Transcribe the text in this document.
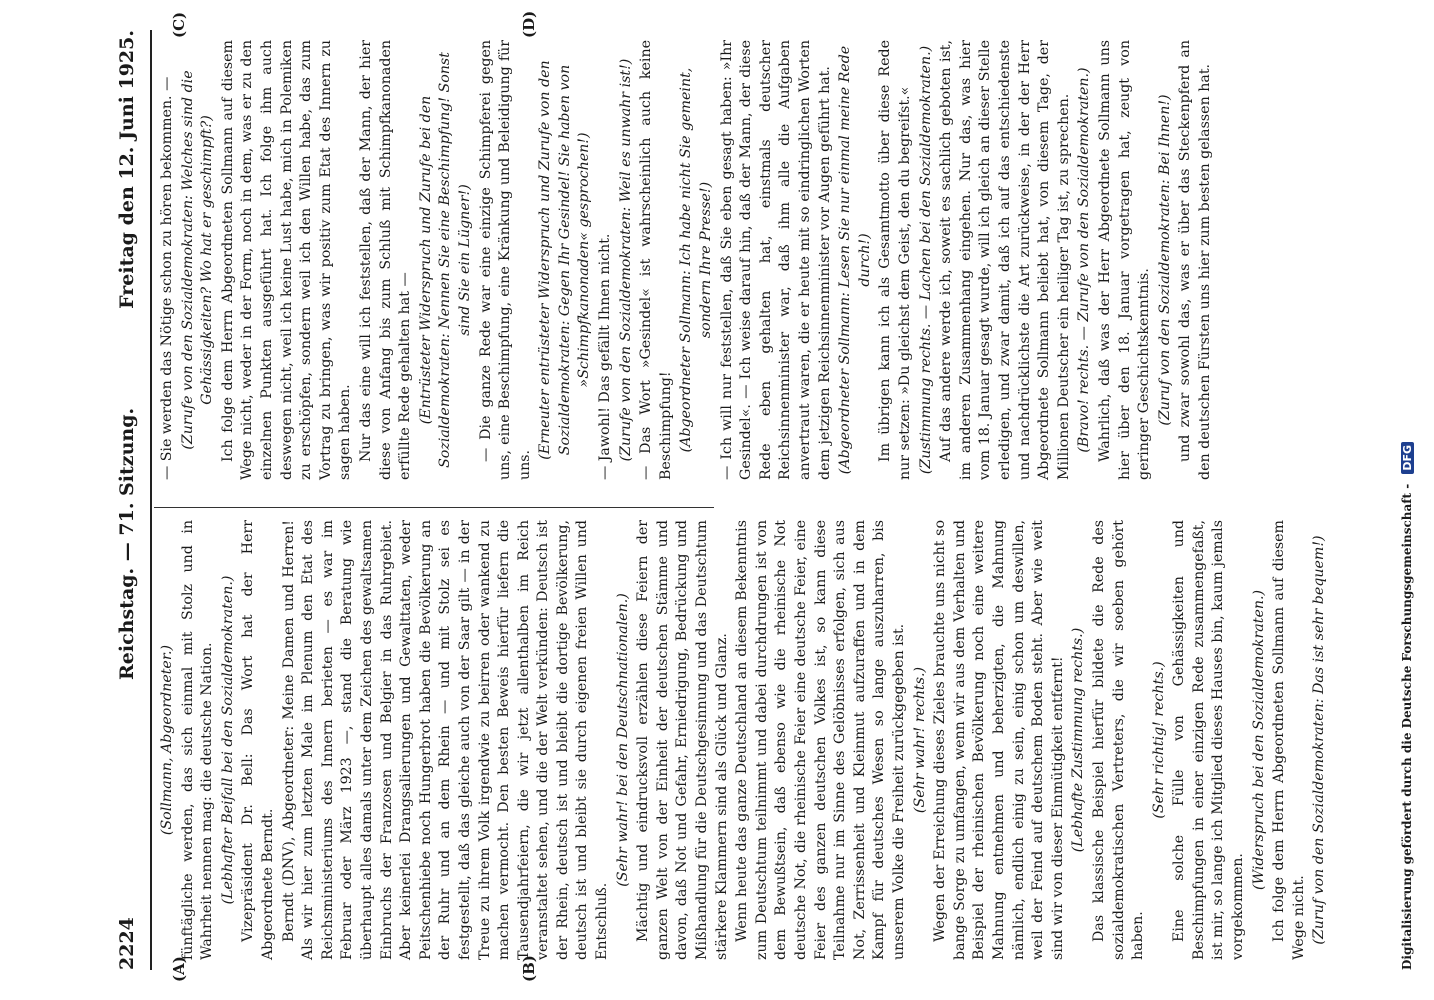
2224
Reichstag. — 71. Sitzung.
Freitag den 12. Juni 1925.
(A)	(B)
(C)	(D)

(Sollmann, Abgeordneter.) fünftägliche werden, das sich einmal mit Stolz und in Wahrheit nennen mag: die deutsche Nation. (Lebhafter Beifall bei den Sozialdemokraten.) Vizepräsident Dr. Bell: Das Wort hat der Herr Abgeordnete Berndt. Berndt (DNV), Abgeordneter: Meine Damen und Herren! Als wir hier zum letzten Male im Plenum den Etat des Reichsministeriums des Innern berieten — es war im Februar oder März 1923 —, stand die Beratung wie überhaupt alles damals unter dem Zeichen des gewaltsamen Einbruchs der Franzosen und Belgier in das Ruhrgebiet. Aber keinerlei Drangsalierungen und Gewalttaten, weder Peitschenhiebe noch Hungerbrot haben die Bevölkerung an der Ruhr und an dem Rhein — und mit Stolz sei es festgestellt, daß das gleiche auch von der Saar gilt — in der Treue zu ihrem Volk irgendwie zu beirren oder wankend zu machen vermocht. Den besten Beweis hierfür liefern die Tausendjahrfeiern, die wir jetzt allenthalben im Reich veranstaltet sehen, und die der Welt verkünden: Deutsch ist der Rhein, deutsch ist und bleibt die dortige Bevölkerung, deutsch ist und bleibt sie durch eigenen freien Willen und Entschluß.

(Sehr wahr! bei den Deutschnationalen.) Mächtig und eindrucksvoll erzählen diese Feiern der ganzen Welt von der Einheit der deutschen Stämme und davon, daß Not und Gefahr, Erniedrigung, Bedrückung und Mißhandlung für die Deutschgesinnung und das Deutschtum stärkere Klammern sind als Glück und Glanz. Wenn heute das ganze Deutschland an diesem Bekenntnis zum Deutschtum teilnimmt und dabei durchdrungen ist von dem Bewußtsein, daß ebenso wie die rheinische Not deutsche Not, die rheinische Feier eine deutsche Feier, eine Feier des ganzen deutschen Volkes ist, so kann diese Teilnahme nur im Sinne des Gelöbnisses erfolgen, sich aus Not, Zerrissenheit und Kleinmut aufzuraffen und in dem Kampf für deutsches Wesen so lange auszuharren, bis unserem Volke die Freiheit zurückgegeben ist. (Sehr wahr! rechts.) Wegen der Erreichung dieses Zieles brauchte uns nicht so bange Sorge zu umfangen, wenn wir aus dem Verhalten und Beispiel der rheinischen Bevölkerung noch eine weitere Mahnung entnehmen und beherzigten, die Mahnung nämlich, endlich einig zu sein, einig schon um deswillen, weil der Feind auf deutschem Boden steht. Aber wie weit sind wir von dieser Einmütigkeit entfernt! (Lebhafte Zustimmung rechts.) Das klassische Beispiel hierfür bildete die Rede des sozialdemokratischen Vertreters, die wir soeben gehört haben.

(Sehr richtig! rechts.) Eine solche Fülle von Gehässigkeiten und Beschimpfungen in einer einzigen Rede zusammengefaßt, ist mir, so lange ich Mitglied dieses Hauses bin, kaum jemals vorgekommen.

(Widerspruch bei den Sozialdemokraten.) Ich folge dem Herrn Abgeordneten Sollmann auf diesem Wege nicht. (Zuruf von den Sozialdemokraten: Das ist sehr bequem!)

— Sie werden das Nötige schon zu hören bekommen. — (Zurufe von den Sozialdemokraten: Welches sind die Gehässigkeiten? Wo hat er geschimpft?) Ich folge dem Herrn Abgeordneten Sollmann auf diesem Wege nicht, weder in der Form, noch in dem, was er zu den einzelnen Punkten ausgeführt hat. Ich folge ihm auch deswegen nicht, weil ich keine Lust habe, mich in Polemiken zu erschöpfen, sondern weil ich den Willen habe, das zum Vortrag zu bringen, was wir positiv zum Etat des Innern zu sagen haben. Nur das eine will ich feststellen, daß der Mann, der hier diese von Anfang bis zum Schluß mit Schimpfkanonaden erfüllte Rede gehalten hat — (Entrüsteter Widerspruch und Zurufe bei den Sozialdemokraten: Nennen Sie eine Beschimpfung! Sonst sind Sie ein Lügner!) — Die ganze Rede war eine einzige Schimpferei gegen uns, eine Beschimpfung, eine Kränkung und Beleidigung für uns.

(Erneuter entrüsteter Widerspruch und Zurufe von den Sozialdemokraten: Gegen Ihr Gesindel! Sie haben von »Schimpfkanonaden« gesprochen!) — Jawohl! Das gefällt Ihnen nicht. (Zurufe von den Sozialdemokraten: Weil es unwahr ist!) — Das Wort »Gesindel« ist wahrscheinlich auch keine Beschimpfung! (Abgeordneter Sollmann: Ich habe nicht Sie gemeint, sondern Ihre Presse!) — Ich will nur feststellen, daß Sie eben gesagt haben: »Ihr Gesindel«. — Ich weise darauf hin, daß der Mann, der diese Rede eben gehalten hat, einstmals deutscher Reichsinnenminister war, daß ihm alle die Aufgaben anvertraut waren, die er heute mit so eindringlichen Worten dem jetzigen Reichsinnenminister vor Augen geführt hat. (Abgeordneter Sollmann: Lesen Sie nur einmal meine Rede durch!) Im übrigen kann ich als Gesamtmotto über diese Rede nur setzen: »Du gleichst dem Geist, den du begreifst.« (Zustimmung rechts. — Lachen bei den Sozialdemokraten.) Auf das andere werde ich, soweit es sachlich geboten ist, im anderen Zusammenhang eingehen. Nur das, was hier vom 18. Januar gesagt wurde, will ich gleich an dieser Stelle erledigen, und zwar damit, daß ich auf das entschiedenste und nachdrücklichste die Art zurückweise, in der der Herr Abgeordnete Sollmann beliebt hat, von diesem Tage, der Millionen Deutscher ein heiliger Tag ist, zu sprechen. (Bravo! rechts. — Zurufe von den Sozialdemokraten.) Wahrlich, daß was der Herr Abgeordnete Sollmann uns hier über den 18. Januar vorgetragen hat, zeugt von geringer Geschichtskenntnis. (Zuruf von den Sozialdemokraten: Bei Ihnen!) und zwar sowohl das, was er über das Steckenpferd an den deutschen Fürsten uns hier zum besten gelassen hat.

Digitalisierung gefördert durch die Deutsche Forschungsgemeinschaft - DFG
